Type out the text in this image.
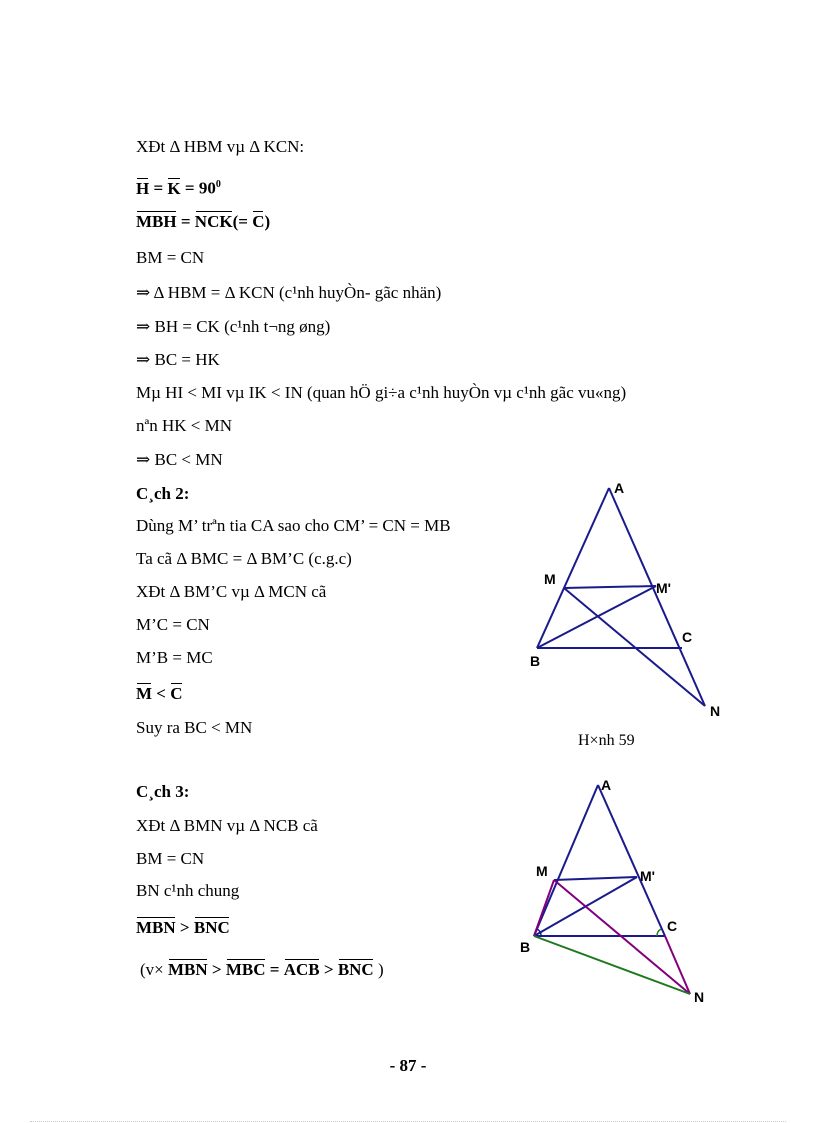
XÐt Δ HBM vµ Δ KCN:
$H = K = 90^0$
MBH = NCK(= C)
BM = CN
⇒ Δ HBM = Δ KCN (c¹nh huyÒn- gãc nhän)
⇒ BH = CK (c¹nh t¬ng øng)
⇒ BC = HK
Mµ HI < MI vµ IK < IN (quan hÖ gi÷a c¹nh huyÒn vµ c¹nh gãc vu«ng)
nªn HK < MN
⇒ BC < MN
C¸ch 2:
Dùng M’ trªn tia CA sao cho CM’ = CN = MB
Ta cã Δ BMC = Δ BM’C (c.g.c)
XÐt Δ BM’C vµ Δ MCN cã
M’C = CN
M’B = MC
M < C
Suy ra BC < MN
H×nh 59
C¸ch 3:
XÐt Δ BMN vµ Δ NCB cã
BM = CN
BN c¹nh chung
MBN > BNC
(v× MBN > MBC = ACB > BNC )
A
M
M'
C
B
N
A
M	M'
C
B
N
- 87 -
